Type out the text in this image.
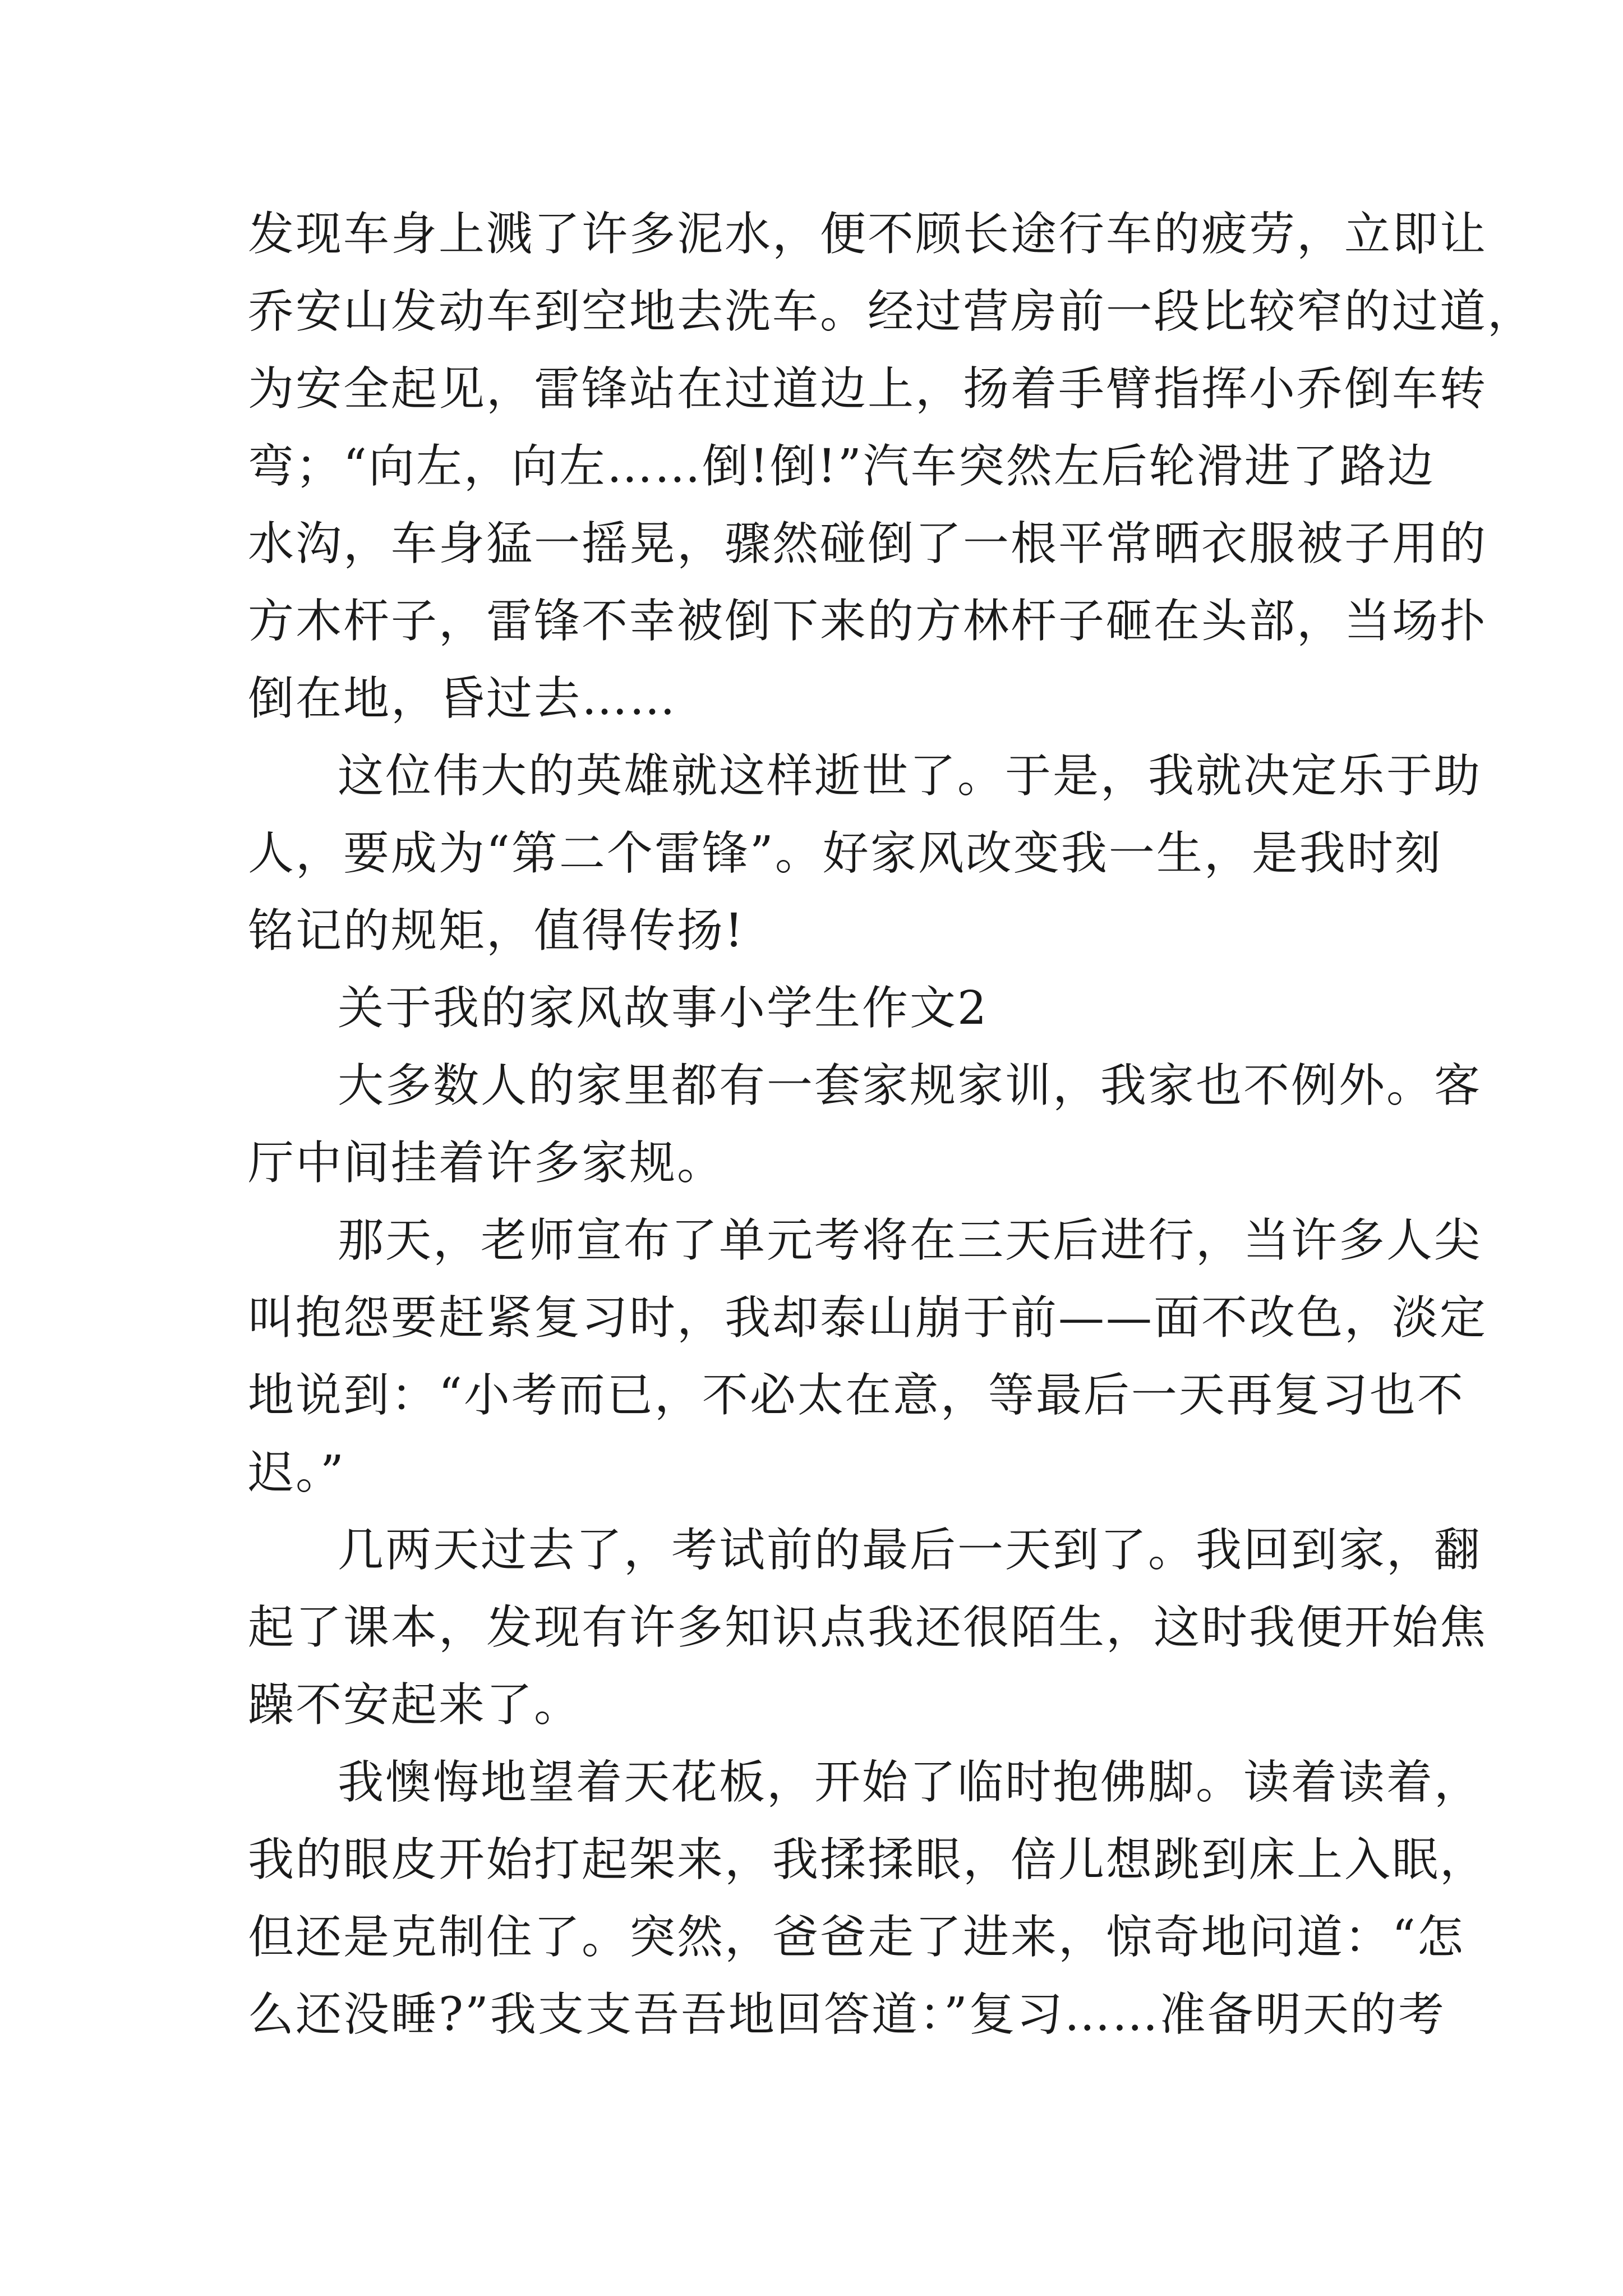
发现车身上溅了许多泥水，便不顾长途行车的疲劳，立即让
乔安山发动车到空地去洗车。经过营房前一段比较窄的过道，
为安全起见，雷锋站在过道边上，扬着手臂指挥小乔倒车转
弯；“向左，向左……倒!倒!”汽车突然左后轮滑进了路边
水沟，车身猛一摇晃，骤然碰倒了一根平常晒衣服被子用的
方木杆子，雷锋不幸被倒下来的方林杆子砸在头部，当场扑
倒在地，昏过去……
这位伟大的英雄就这样逝世了。于是，我就决定乐于助
人，要成为“第二个雷锋”。好家风改变我一生，是我时刻
铭记的规矩，值得传扬!
关于我的家风故事小学生作文2
大多数人的家里都有一套家规家训，我家也不例外。客
厅中间挂着许多家规。
那天，老师宣布了单元考将在三天后进行，当许多人尖
叫抱怨要赶紧复习时，我却泰山崩于前——面不改色，淡定
地说到：“小考而已，不必太在意，等最后一天再复习也不
迟。”
几两天过去了，考试前的最后一天到了。我回到家，翻
起了课本，发现有许多知识点我还很陌生，这时我便开始焦
躁不安起来了。
我懊悔地望着天花板，开始了临时抱佛脚。读着读着，
我的眼皮开始打起架来，我揉揉眼，倍儿想跳到床上入眠，
但还是克制住了。突然，爸爸走了进来，惊奇地问道：“怎
么还没睡?”我支支吾吾地回答道：”复习……准备明天的考
